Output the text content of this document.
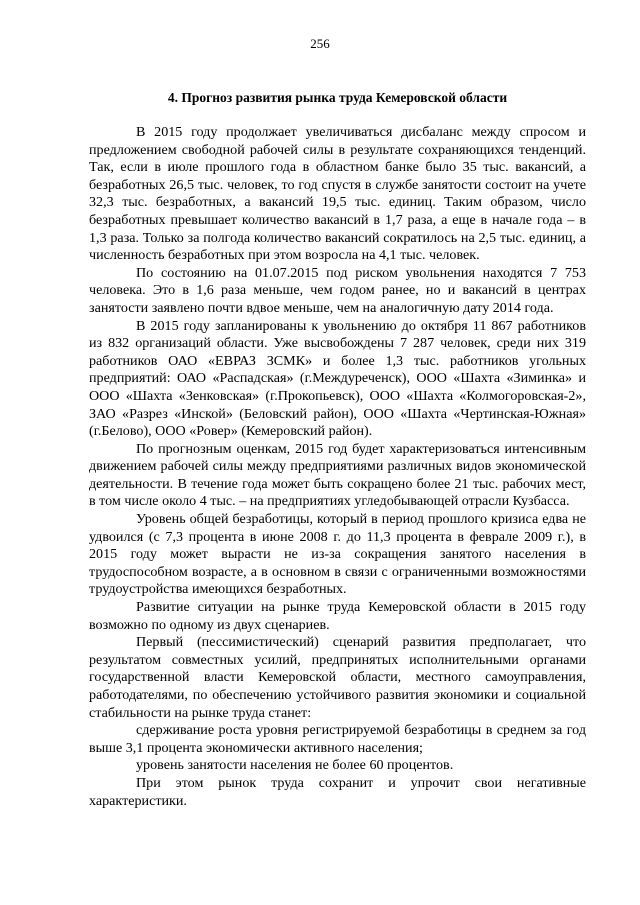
256
4. Прогноз развития рынка труда Кемеровской области

В 2015 году продолжает увеличиваться дисбаланс между спросом и предложением свободной рабочей силы в результате сохраняющихся тенденций. Так, если в июле прошлого года в областном банке было 35 тыс. вакансий, а безработных 26,5 тыс. человек, то год спустя в службе занятости состоит на учете 32,3 тыс. безработных, а вакансий 19,5 тыс. единиц. Таким образом, число безработных превышает количество вакансий в 1,7 раза, а еще в начале года – в 1,3 раза. Только за полгода количество вакансий сократилось на 2,5 тыс. единиц, а численность безработных при этом возросла на 4,1 тыс. человек.

По состоянию на 01.07.2015 под риском увольнения находятся 7 753 человека. Это в 1,6 раза меньше, чем годом ранее, но и вакансий в центрах занятости заявлено почти вдвое меньше, чем на аналогичную дату 2014 года.

В 2015 году запланированы к увольнению до октября 11 867 работников из 832 организаций области. Уже высвобождены 7 287 человек, среди них 319 работников ОАО «ЕВРАЗ ЗСМК» и более 1,3 тыс. работников угольных предприятий: ОАО «Распадская» (г.Междуреченск), ООО «Шахта «Зиминка» и ООО «Шахта «Зенковская» (г.Прокопьевск), ООО «Шахта «Колмогоровская-2», ЗАО «Разрез «Инской» (Беловский район), ООО «Шахта «Чертинская-Южная» (г.Белово), ООО «Ровер» (Кемеровский район).

По прогнозным оценкам, 2015 год будет характеризоваться интенсивным движением рабочей силы между предприятиями различных видов экономической деятельности. В течение года может быть сокращено более 21 тыс. рабочих мест, в том числе около 4 тыс. – на предприятиях угледобывающей отрасли Кузбасса.

Уровень общей безработицы, который в период прошлого кризиса едва не удвоился (с 7,3 процента в июне 2008 г. до 11,3 процента в феврале 2009 г.), в 2015 году может вырасти не из-за сокращения занятого населения в трудоспособном возрасте, а в основном в связи с ограниченными возможностями трудоустройства имеющихся безработных.

Развитие ситуации на рынке труда Кемеровской области в 2015 году возможно по одному из двух сценариев.

Первый (пессимистический) сценарий развития предполагает, что результатом совместных усилий, предпринятых исполнительными органами государственной власти Кемеровской области, местного самоуправления, работодателями, по обеспечению устойчивого развития экономики и социальной стабильности на рынке труда станет:

сдерживание роста уровня регистрируемой безработицы в среднем за год выше 3,1 процента экономически активного населения;

уровень занятости населения не более 60 процентов.

При этом рынок труда сохранит и упрочит свои негативные характеристики.
